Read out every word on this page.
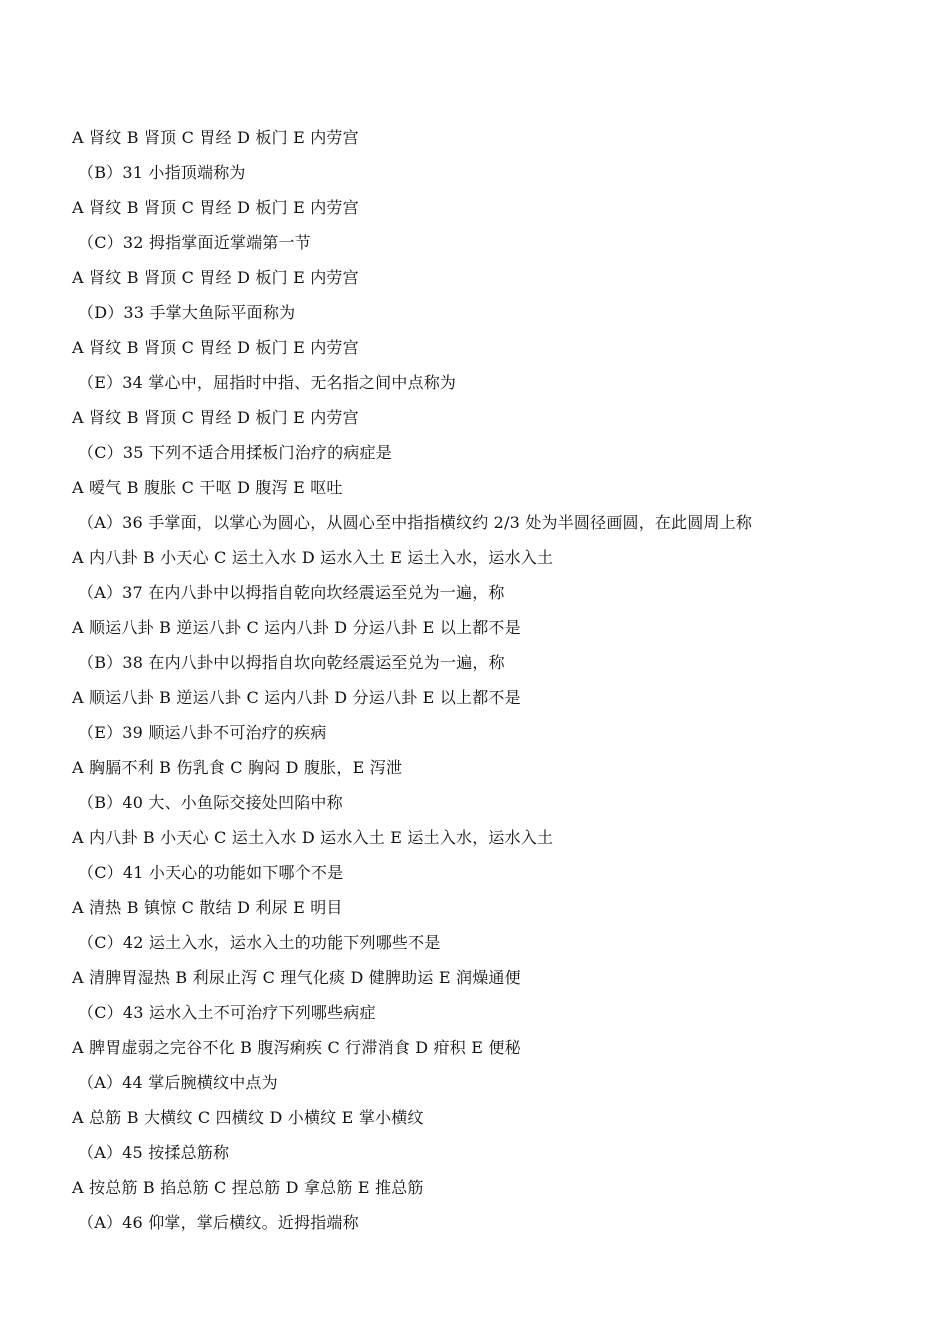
A 肾纹 B 肾顶 C 胃经 D 板门 E 内劳宫
（B）31 小指顶端称为
A 肾纹 B 肾顶 C 胃经 D 板门 E 内劳宫
（C）32 拇指掌面近掌端第一节
A 肾纹 B 肾顶 C 胃经 D 板门 E 内劳宫
（D）33 手掌大鱼际平面称为
A 肾纹 B 肾顶 C 胃经 D 板门 E 内劳宫
（E）34 掌心中，屈指时中指、无名指之间中点称为
A 肾纹 B 肾顶 C 胃经 D 板门 E 内劳宫
（C）35 下列不适合用揉板门治疗的病症是
A 嗳气 B 腹胀 C 干呕 D 腹泻 E 呕吐
（A）36 手掌面，以掌心为圆心，从圆心至中指指横纹约 2/3 处为半圆径画圆，在此圆周上称
A 内八卦 B 小天心 C 运土入水 D 运水入土 E 运土入水，运水入土
（A）37 在内八卦中以拇指自乾向坎经震运至兑为一遍，称
A 顺运八卦 B 逆运八卦 C 运内八卦 D 分运八卦 E 以上都不是
（B）38 在内八卦中以拇指自坎向乾经震运至兑为一遍，称
A 顺运八卦 B 逆运八卦 C 运内八卦 D 分运八卦 E 以上都不是
（E）39 顺运八卦不可治疗的疾病
A 胸膈不利 B 伤乳食 C 胸闷 D 腹胀，E 泻泄
（B）40 大、小鱼际交接处凹陷中称
A 内八卦 B 小天心 C 运土入水 D 运水入土 E 运土入水，运水入土
（C）41 小天心的功能如下哪个不是
A 清热 B 镇惊 C 散结 D 利尿 E 明目
（C）42 运土入水，运水入土的功能下列哪些不是
A 清脾胃湿热 B 利尿止泻 C 理气化痰 D 健脾助运 E 润燥通便
（C）43 运水入土不可治疗下列哪些病症
A 脾胃虚弱之完谷不化 B 腹泻痢疾 C 行滞消食 D 疳积 E 便秘
（A）44 掌后腕横纹中点为
A 总筋 B 大横纹 C 四横纹 D 小横纹 E 掌小横纹
（A）45 按揉总筋称
A 按总筋 B 掐总筋 C 捏总筋 D 拿总筋 E 推总筋
（A）46 仰掌，掌后横纹。近拇指端称
